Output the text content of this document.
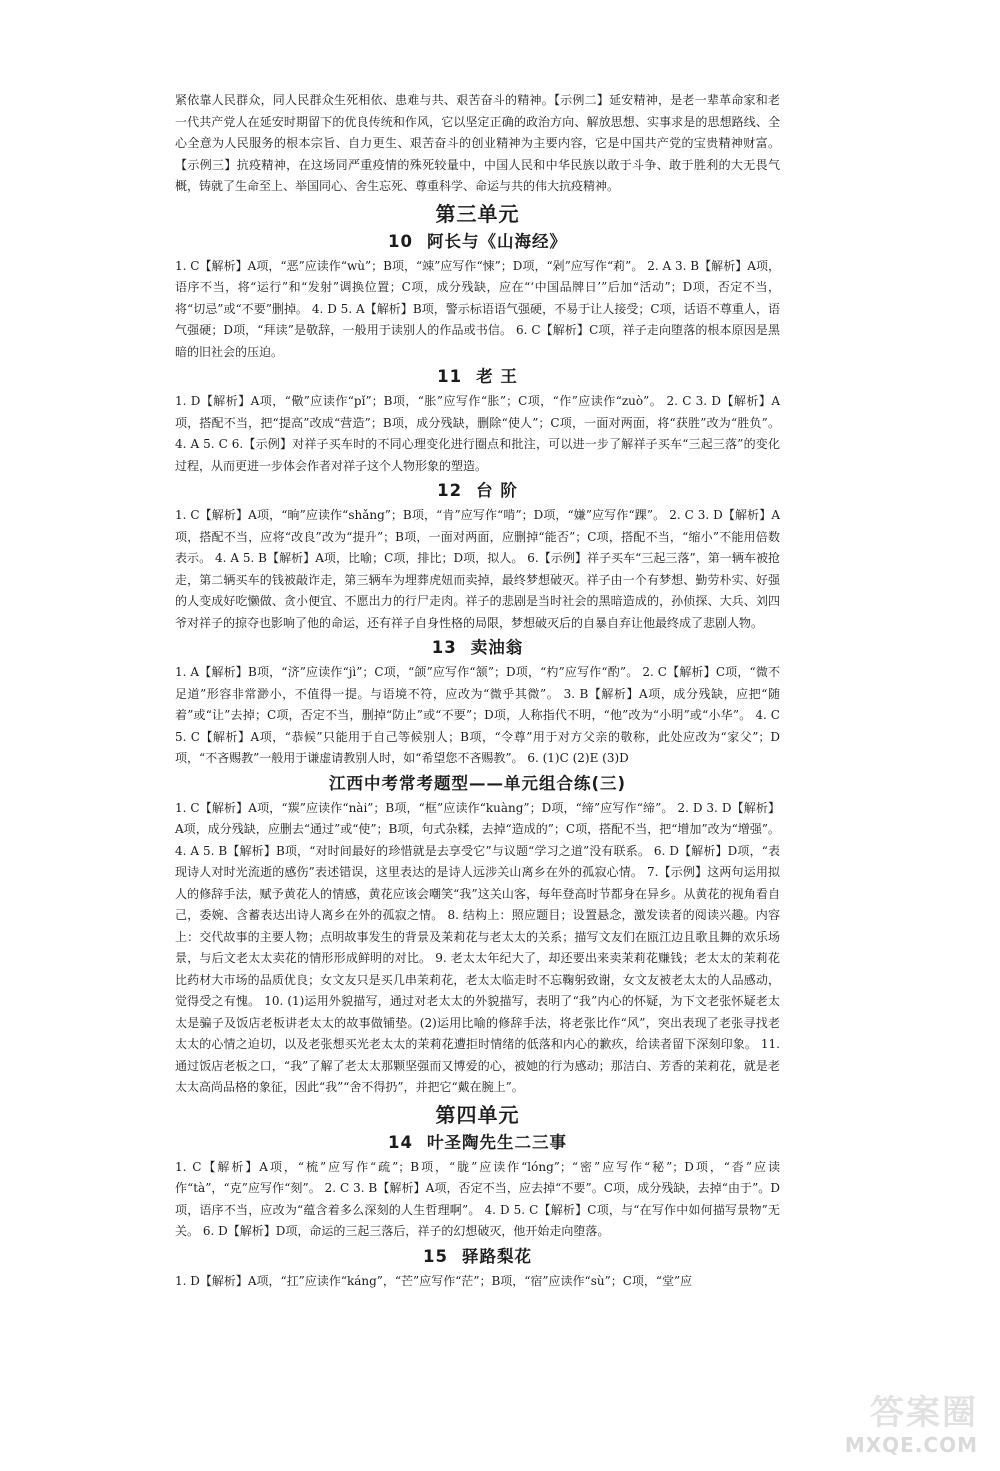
紧依靠人民群众，同人民群众生死相依、患难与共、艰苦奋斗的精神。【示例二】延安精神，是老一辈革命家和老一代共产党人在延安时期留下的优良传统和作风，它以坚定正确的政治方向、解放思想、实事求是的思想路线、全心全意为人民服务的根本宗旨、自力更生、艰苦奋斗的创业精神为主要内容，它是中国共产党的宝贵精神财富。【示例三】抗疫精神，在这场同严重疫情的殊死较量中，中国人民和中华民族以敢于斗争、敢于胜利的大无畏气概，铸就了生命至上、举国同心、舍生忘死、尊重科学、命运与共的伟大抗疫精神。

第三单元
10 阿长与《山海经》

1. C【解析】A项，“恶”应读作“wù”；B项，“竦”应写作“悚”；D项，“剁”应写作“莉”。 2. A 3. B【解析】A项，语序不当，将“运行”和“发射”调换位置；C项，成分残缺，应在“‘中国品牌日’”后加“活动”；D项，否定不当，将“切忌”或“不要”删掉。 4. D 5. A【解析】B项，警示标语语气强硬，不易于让人接受；C项，话语不尊重人，语气强硬；D项，“拜读”是敬辞，一般用于读别人的作品或书信。 6. C【解析】C项，祥子走向堕落的根本原因是黑暗的旧社会的压迫。

11 老 王

1. D【解析】A项，“儆”应读作“pǐ”；B项，“胀”应写作“胀”；C项，“作”应读作“zuò”。 2. C 3. D【解析】A项，搭配不当，把“提高”改成“营造”；B项，成分残缺，删除“使人”；C项，一面对两面，将“获胜”改为“胜负”。 4. A 5. C 6.【示例】对祥子买车时的不同心理变化进行圈点和批注，可以进一步了解祥子买车“三起三落”的变化过程，从而更进一步体会作者对祥子这个人物形象的塑造。

12 台 阶

1. C【解析】A项，“晌”应读作“shǎng”；B项，“肯”应写作“啃”；D项，“嫌”应写作“踝”。 2. C 3. D【解析】A项，搭配不当，应将“改良”改为“提升”；B项，一面对两面，应删掉“能否”；C项，搭配不当，“缩小”不能用倍数表示。 4. A 5. B【解析】A项，比喻；C项，排比；D项，拟人。 6.【示例】祥子买车“三起三落”，第一辆车被抢走，第二辆买车的钱被敲诈走，第三辆车为埋葬虎妞而卖掉，最终梦想破灭。祥子由一个有梦想、勤劳朴实、好强的人变成好吃懒做、贪小便宜、不愿出力的行尸走肉。祥子的悲剧是当时社会的黑暗造成的，孙侦探、大兵、刘四爷对祥子的掠夺也影响了他的命运，还有祥子自身性格的局限，梦想破灭后的自暴自弃让他最终成了悲剧人物。

13 卖油翁

1. A【解析】B项，“济”应读作“jì”；C项，“颌”应写作“颔”；D项，“杓”应写作“酌”。 2. C【解析】C项，“微不足道”形容非常渺小，不值得一提。与语境不符，应改为“微乎其微”。 3. B【解析】A项，成分残缺，应把“随着”或“让”去掉；C项，否定不当，删掉“防止”或“不要”；D项，人称指代不明，“他”改为“小明”或“小华”。 4. C 5. C【解析】A项，“恭候”只能用于自己等候别人；B项，“令尊”用于对方父亲的敬称，此处应改为“家父”；D项，“不吝赐教”一般用于谦虚请教别人时，如“希望您不吝赐教”。 6. (1)C (2)E (3)D

江西中考常考题型——单元组合练(三)

1. C【解析】A项，“羰”应读作“nài”；B项，“框”应读作“kuàng”；D项，“缔”应写作“缔”。 2. D 3. D【解析】A项，成分残缺，应删去“通过”或“使”；B项，句式杂糅，去掉“造成的”；C项，搭配不当，把“增加”改为“增强”。 4. A 5. B【解析】B项，“对时间最好的珍惜就是去享受它”与议题“学习之道”没有联系。 6. D【解析】D项，“表现诗人对时光流逝的感伤”表述错误，这里表达的是诗人远涉关山离乡在外的孤寂心情。 7.【示例】这两句运用拟人的修辞手法，赋予黄花人的情感，黄花应该会嘲笑“我”这关山客，每年登高时节都身在异乡。从黄花的视角看自己，委婉、含蓄表达出诗人离乡在外的孤寂之情。 8. 结构上：照应题目；设置悬念，激发读者的阅读兴趣。内容上：交代故事的主要人物；点明故事发生的背景及茉莉花与老太太的关系；描写文友们在瓯江边且歌且舞的欢乐场景，与后文老太太卖花的情形形成鲜明的对比。 9. 老太太年纪大了，却还要出来卖茉莉花赚钱；老太太的茉莉花比药材大市场的品质优良；女文友只是买几串茉莉花，老太太临走时不忘鞠躬致谢，女文友被老太太的人品感动，觉得受之有愧。 10. (1)运用外貌描写，通过对老太太的外貌描写，表明了“我”内心的怀疑，为下文老张怀疑老太太是骗子及饭店老板讲老太太的故事做铺垫。(2)运用比喻的修辞手法，将老张比作“风”，突出表现了老张寻找老太太的心情之迫切，以及老张想买光老太太的茉莉花遭拒时情绪的低落和内心的歉疚，给读者留下深刻印象。 11. 通过饭店老板之口，“我”了解了老太太那颗坚强而又博爱的心，被她的行为感动；那洁白、芳香的茉莉花，就是老太太高尚品格的象征，因此“我”“舍不得扔”，并把它“戴在腕上”。

第四单元
14 叶圣陶先生二三事

1. C【解析】A项，“梳”应写作“疏”；B项，“胧”应读作“lóng”；“密”应写作“秘”；D项，“沓”应读作“tà”，“克”应写作“刻”。 2. C 3. B【解析】A项，否定不当，应去掉“不要”。C项，成分残缺，去掉“由于”。D项，语序不当，应改为“蕴含着多么深刻的人生哲理啊”。 4. D 5. C【解析】C项，与“在写作中如何描写景物”无关。 6. D【解析】D项，命运的三起三落后，祥子的幻想破灭，他开始走向堕落。

15 驿路梨花

1. D【解析】A项，“扛”应读作“káng”，“芒”应写作“茫”；B项，“宿”应读作“sù”；C项，“堂”应

答案圈
MXQE.COM
